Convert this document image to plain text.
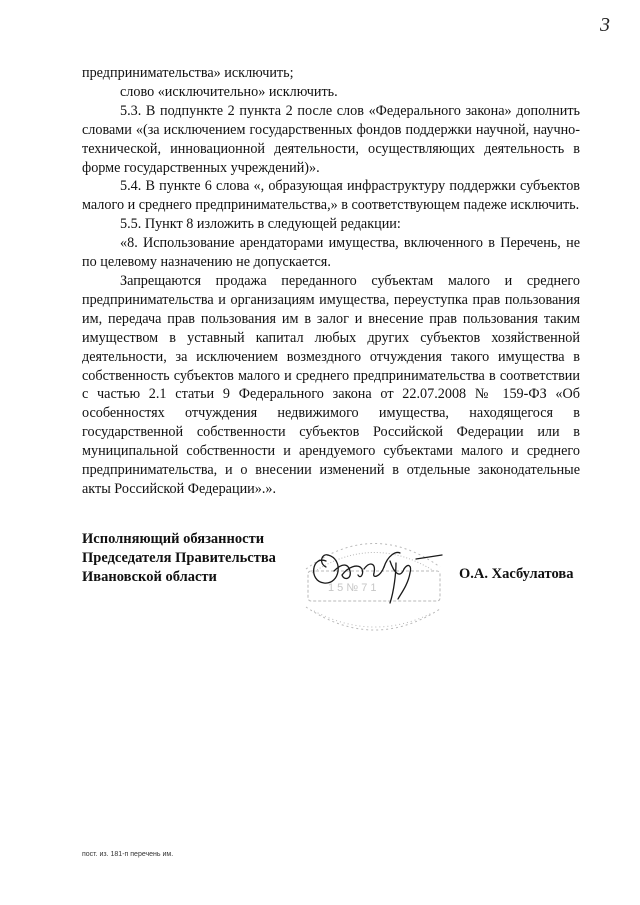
3

предпринимательства» исключить;

слово «исключительно» исключить.

5.3. В подпункте 2 пункта 2 после слов «Федерального закона» дополнить словами «(за исключением государственных фондов поддержки научной, научно-технической, инновационной деятельности, осуществляющих деятельность в форме государственных учреждений)».

5.4. В пункте 6 слова «, образующая инфраструктуру поддержки субъектов малого и среднего предпринимательства,» в соответствующем падеже исключить.

5.5. Пункт 8 изложить в следующей редакции:

«8. Использование арендаторами имущества, включенного в Перечень, не по целевому назначению не допускается.

Запрещаются продажа переданного субъектам малого и среднего предпринимательства и организациям имущества, переуступка прав пользования им, передача прав пользования им в залог и внесение прав пользования таким имуществом в уставный капитал любых других субъектов хозяйственной деятельности, за исключением возмездного отчуждения такого имущества в собственность субъектов малого и среднего предпринимательства в соответствии с частью 2.1 статьи 9 Федерального закона от 22.07.2008 № 159-ФЗ «Об особенностях отчуждения недвижимого имущества, находящегося в государственной собственности субъектов Российской Федерации или в муниципальной собственности и арендуемого субъектами малого и среднего предпринимательства, и о внесении изменений в отдельные законодательные акты Российской Федерации».».

Исполняющий обязанности
Председателя Правительства
Ивановской области
1 5 № 7 1
О.А. Хасбулатова
пост. из. 181-п перечень им.
